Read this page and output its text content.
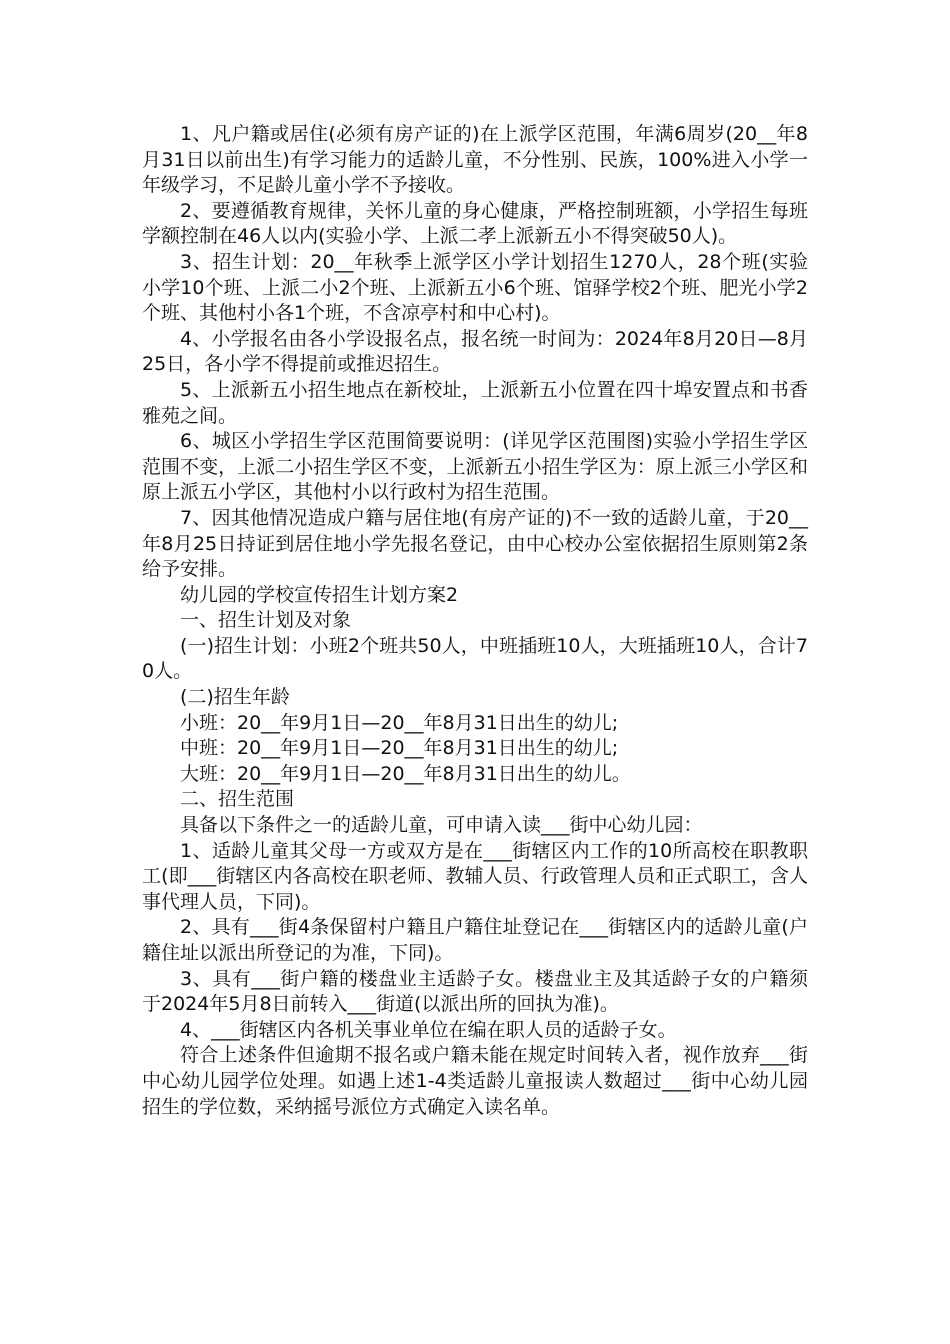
1、凡户籍或居住(必须有房产证的)在上派学区范围，年满6周岁(20__年8月31日以前出生)有学习能力的适龄儿童，不分性别、民族，100%进入小学一年级学习，不足龄儿童小学不予接收。

2、要遵循教育规律，关怀儿童的身心健康，严格控制班额，小学招生每班学额控制在46人以内(实验小学、上派二孝上派新五小不得突破50人)。

3、招生计划：20__年秋季上派学区小学计划招生1270人，28个班(实验小学10个班、上派二小2个班、上派新五小6个班、馆驿学校2个班、肥光小学2个班、其他村小各1个班，不含凉亭村和中心村)。

4、小学报名由各小学设报名点，报名统一时间为：2024年8月20日—8月25日，各小学不得提前或推迟招生。

5、上派新五小招生地点在新校址，上派新五小位置在四十埠安置点和书香雅苑之间。

6、城区小学招生学区范围简要说明：(详见学区范围图)实验小学招生学区范围不变，上派二小招生学区不变，上派新五小招生学区为：原上派三小学区和原上派五小学区，其他村小以行政村为招生范围。

7、因其他情况造成户籍与居住地(有房产证的)不一致的适龄儿童，于20__年8月25日持证到居住地小学先报名登记，由中心校办公室依据招生原则第2条给予安排。

幼儿园的学校宣传招生计划方案2

一、招生计划及对象

(一)招生计划：小班2个班共50人，中班插班10人，大班插班10人，合计70人。

(二)招生年龄

小班：20__年9月1日—20__年8月31日出生的幼儿;

中班：20__年9月1日—20__年8月31日出生的幼儿;

大班：20__年9月1日—20__年8月31日出生的幼儿。

二、招生范围

具备以下条件之一的适龄儿童，可申请入读___街中心幼儿园：

1、适龄儿童其父母一方或双方是在___街辖区内工作的10所高校在职教职工(即___街辖区内各高校在职老师、教辅人员、行政管理人员和正式职工，含人事代理人员，下同)。

2、具有___街4条保留村户籍且户籍住址登记在___街辖区内的适龄儿童(户籍住址以派出所登记的为准，下同)。

3、具有___街户籍的楼盘业主适龄子女。楼盘业主及其适龄子女的户籍须于2024年5月8日前转入___街道(以派出所的回执为准)。

4、___街辖区内各机关事业单位在编在职人员的适龄子女。

符合上述条件但逾期不报名或户籍未能在规定时间转入者，视作放弃___街中心幼儿园学位处理。如遇上述1-4类适龄儿童报读人数超过___街中心幼儿园招生的学位数，采纳摇号派位方式确定入读名单。
